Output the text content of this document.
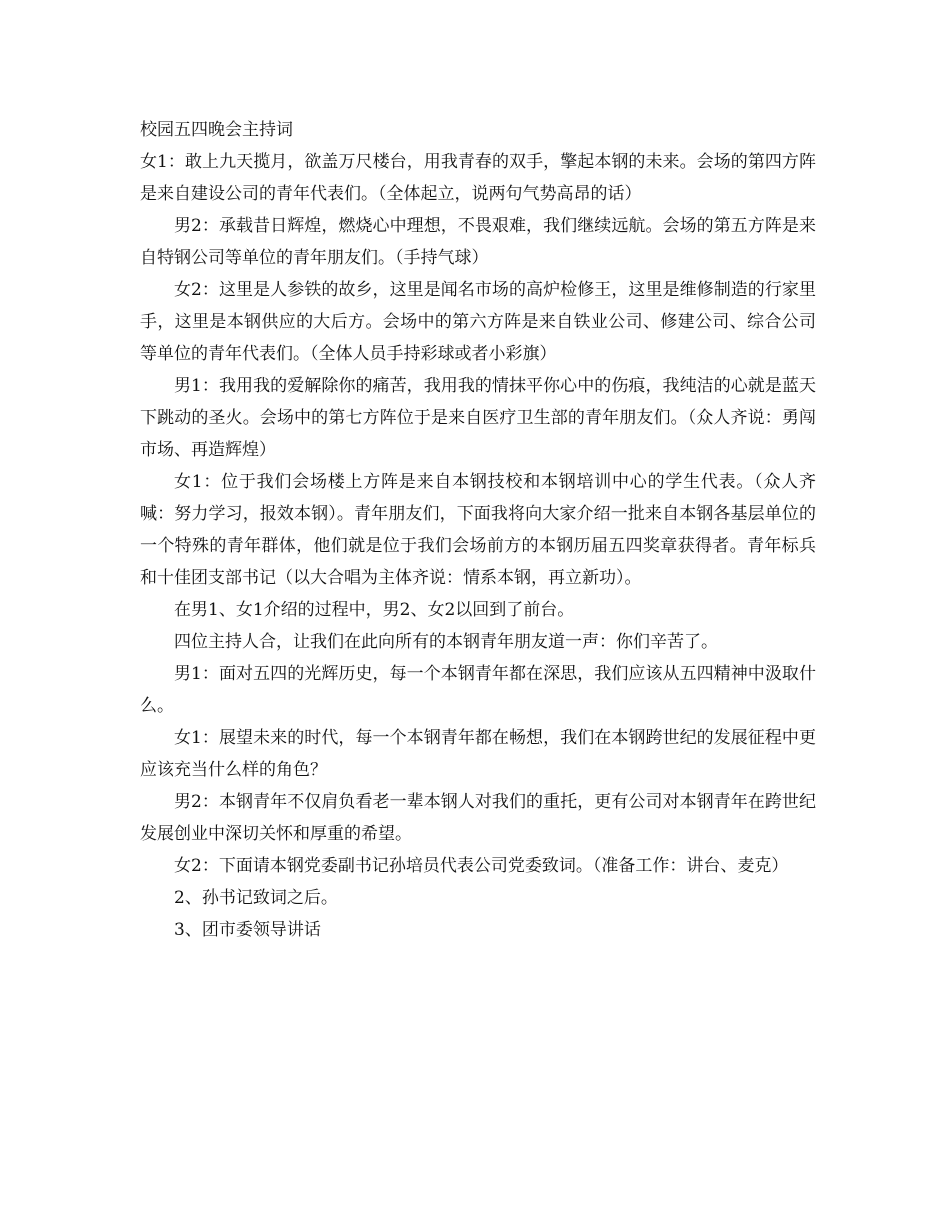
校园五四晚会主持词

女1：敢上九天揽月，欲盖万尺楼台，用我青春的双手，擎起本钢的未来。会场的第四方阵是来自建设公司的青年代表们。（全体起立，说两句气势高昂的话）

男2：承载昔日辉煌，燃烧心中理想，不畏艰难，我们继续远航。会场的第五方阵是来自特钢公司等单位的青年朋友们。（手持气球）

女2：这里是人参铁的故乡，这里是闻名市场的高炉检修王，这里是维修制造的行家里手，这里是本钢供应的大后方。会场中的第六方阵是来自铁业公司、修建公司、综合公司等单位的青年代表们。（全体人员手持彩球或者小彩旗）

男1：我用我的爱解除你的痛苦，我用我的情抹平你心中的伤痕，我纯洁的心就是蓝天下跳动的圣火。会场中的第七方阵位于是来自医疗卫生部的青年朋友们。（众人齐说：勇闯市场、再造辉煌）

女1：位于我们会场楼上方阵是来自本钢技校和本钢培训中心的学生代表。（众人齐喊：努力学习，报效本钢）。青年朋友们，下面我将向大家介绍一批来自本钢各基层单位的一个特殊的青年群体，他们就是位于我们会场前方的本钢历届五四奖章获得者。青年标兵和十佳团支部书记（以大合唱为主体齐说：情系本钢，再立新功）。

在男1、女1介绍的过程中，男2、女2以回到了前台。

四位主持人合，让我们在此向所有的本钢青年朋友道一声：你们辛苦了。

男1：面对五四的光辉历史，每一个本钢青年都在深思，我们应该从五四精神中汲取什么。

女1：展望未来的时代，每一个本钢青年都在畅想，我们在本钢跨世纪的发展征程中更应该充当什么样的角色？

男2：本钢青年不仅肩负看老一辈本钢人对我们的重托，更有公司对本钢青年在跨世纪发展创业中深切关怀和厚重的希望。

女2：下面请本钢党委副书记孙培员代表公司党委致词。（准备工作：讲台、麦克）

2、孙书记致词之后。

3、团市委领导讲话
